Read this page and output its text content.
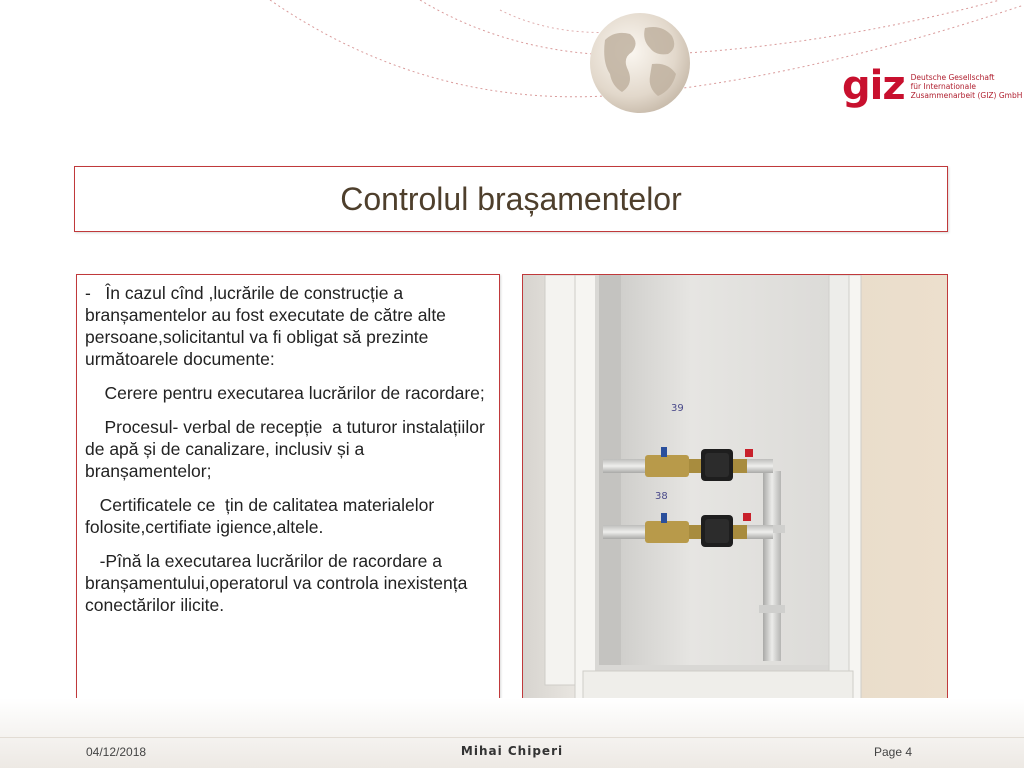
giz Deutsche Gesellschaft
für Internationale
Zusammenarbeit (GIZ) GmbH
Controlul brașamentelor

-   În cazul cînd ,lucrările de construcție a branșamentelor au fost executate de către alte persoane,solicitantul va fi obligat să prezinte următoarele documente:

Cerere pentru executarea lucrărilor de racordare;

Procesul- verbal de recepție  a tuturor instalațiilor de apă și de canalizare, inclusiv și a       branșamentelor;

Certificatele ce  țin de calitatea materialelor folosite,certifiate igience,altele.

-Pînă la executarea lucrărilor de racordare a branșamentului,operatorul va controla inexistența conectărilor ilicite.

39
38
04/12/2018	Mihai Chiperi	Page 4
